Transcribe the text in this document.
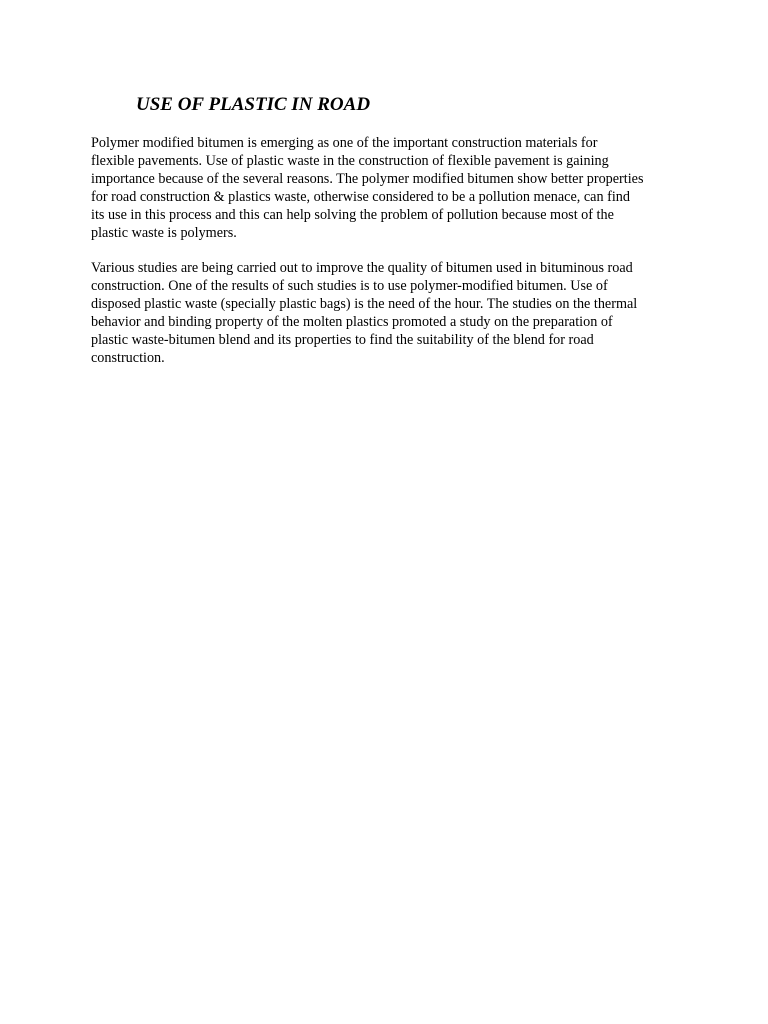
USE OF PLASTIC IN ROAD

Polymer modified bitumen is emerging as one of the important construction materials for
flexible pavements. Use of plastic waste in the construction of flexible pavement is gaining
importance because of the several reasons. The polymer modified bitumen show better properties
for road construction & plastics waste, otherwise considered to be a pollution menace, can find
its use in this process and this can help solving the problem of pollution because most of the
plastic waste is polymers.

Various studies are being carried out to improve the quality of bitumen used in bituminous road
construction. One of the results of such studies is to use polymer-modified bitumen. Use of
disposed plastic waste (specially plastic bags) is the need of the hour. The studies on the thermal
behavior and binding property of the molten plastics promoted a study on the preparation of
plastic waste-bitumen blend and its properties to find the suitability of the blend for road
construction.
